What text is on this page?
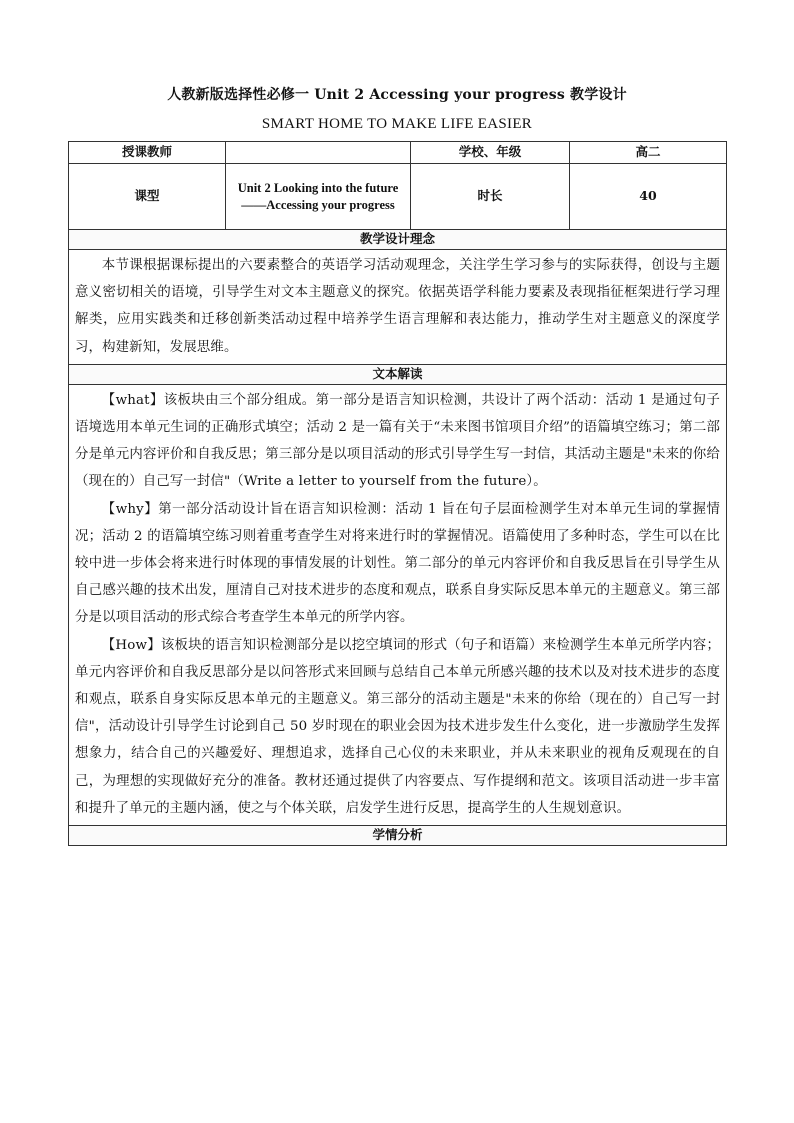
人教新版选择性必修一 Unit 2 Accessing your progress 教学设计
SMART HOME TO MAKE LIFE EASIER
授课教师		学校、年级	高二
课型	Unit 2 Looking into the future ——Accessing your progress	时长	40
教学设计理念			

本节课根据课标提出的六要素整合的英语学习活动观理念，关注学生学习参与的实际获得，创设与主题意义密切相关的语境，引导学生对文本主题意义的探究。依据英语学科能力要素及表现指征框架进行学习理解类，应用实践类和迁移创新类活动过程中培养学生语言理解和表达能力，推动学生对主题意义的深度学习，构建新知，发展思维。			

文本解读			

【what】该板块由三个部分组成。第一部分是语言知识检测，共设计了两个活动：活动 1 是通过句子语境选用本单元生词的正确形式填空；活动 2 是一篇有关于“未来图书馆项目介绍”的语篇填空练习；第二部分是单元内容评价和自我反思；第三部分是以项目活动的形式引导学生写一封信，其活动主题是"未来的你给（现在的）自己写一封信"（Write a letter to yourself from the future）。

【why】第一部分活动设计旨在语言知识检测：活动 1 旨在句子层面检测学生对本单元生词的掌握情况；活动 2 的语篇填空练习则着重考查学生对将来进行时的掌握情况。语篇使用了多种时态，学生可以在比较中进一步体会将来进行时体现的事情发展的计划性。第二部分的单元内容评价和自我反思旨在引导学生从自己感兴趣的技术出发，厘清自己对技术进步的态度和观点，联系自身实际反思本单元的主题意义。第三部分是以项目活动的形式综合考查学生本单元的所学内容。

【How】该板块的语言知识检测部分是以挖空填词的形式（句子和语篇）来检测学生本单元所学内容；单元内容评价和自我反思部分是以问答形式来回顾与总结自己本单元所感兴趣的技术以及对技术进步的态度和观点，联系自身实际反思本单元的主题意义。第三部分的活动主题是"未来的你给（现在的）自己写一封信"，活动设计引导学生讨论到自己 50 岁时现在的职业会因为技术进步发生什么变化，进一步激励学生发挥想象力，结合自己的兴趣爱好、理想追求，选择自己心仪的未来职业，并从未来职业的视角反观现在的自己，为理想的实现做好充分的准备。教材还通过提供了内容要点、写作提纲和范文。该项目活动进一步丰富和提升了单元的主题内涵，使之与个体关联，启发学生进行反思，提高学生的人生规划意识。			

学情分析			
